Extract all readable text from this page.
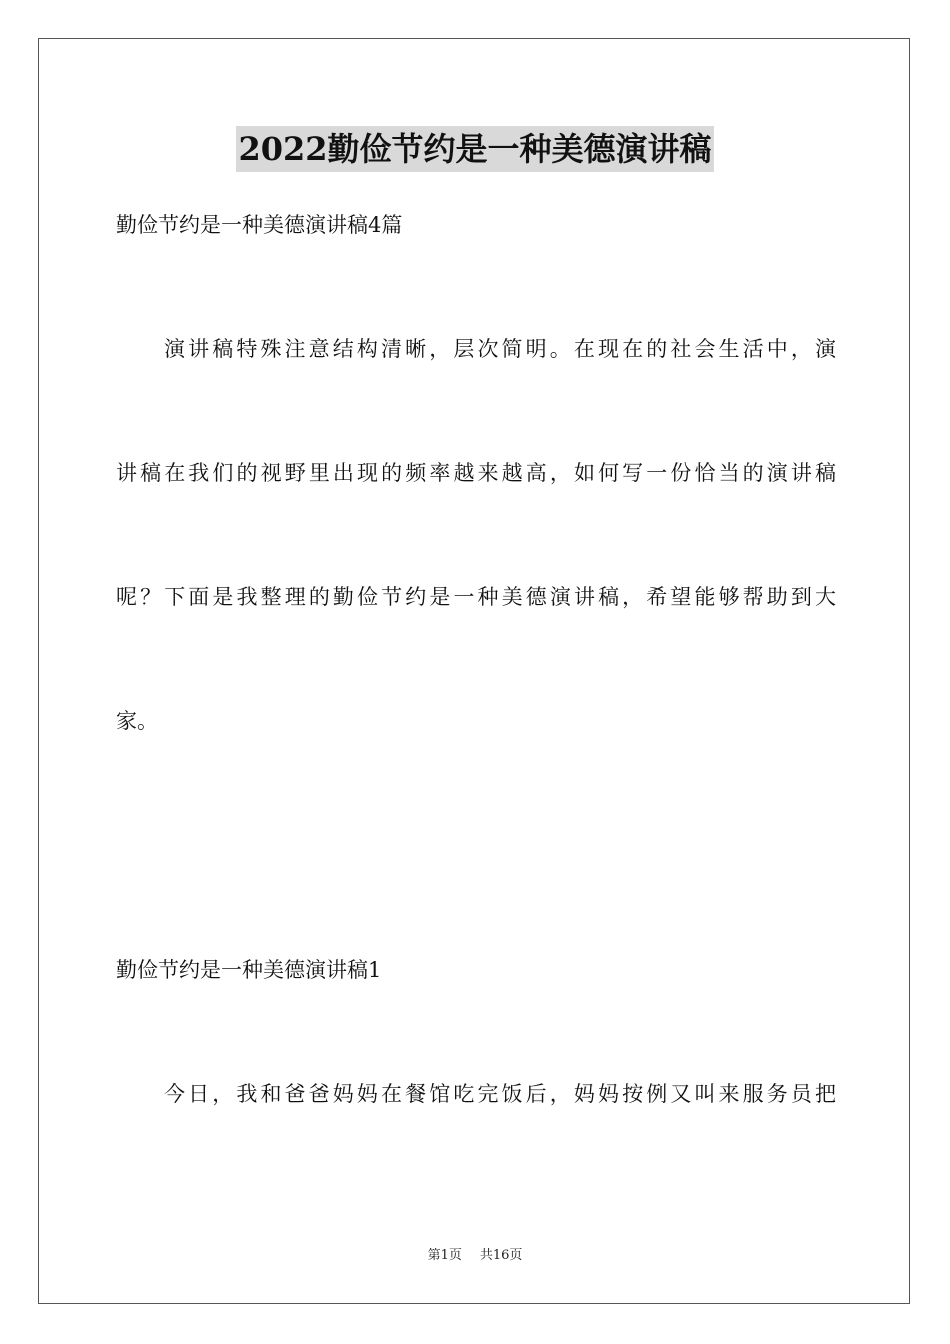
2022勤俭节约是一种美德演讲稿
勤俭节约是一种美德演讲稿4篇
演讲稿特殊注意结构清晰，层次简明。在现在的社会生活中，演
讲稿在我们的视野里出现的频率越来越高，如何写一份恰当的演讲稿
呢？下面是我整理的勤俭节约是一种美德演讲稿，希望能够帮助到大
家。
勤俭节约是一种美德演讲稿1
今日，我和爸爸妈妈在餐馆吃完饭后，妈妈按例又叫来服务员把
第1页 共16页
